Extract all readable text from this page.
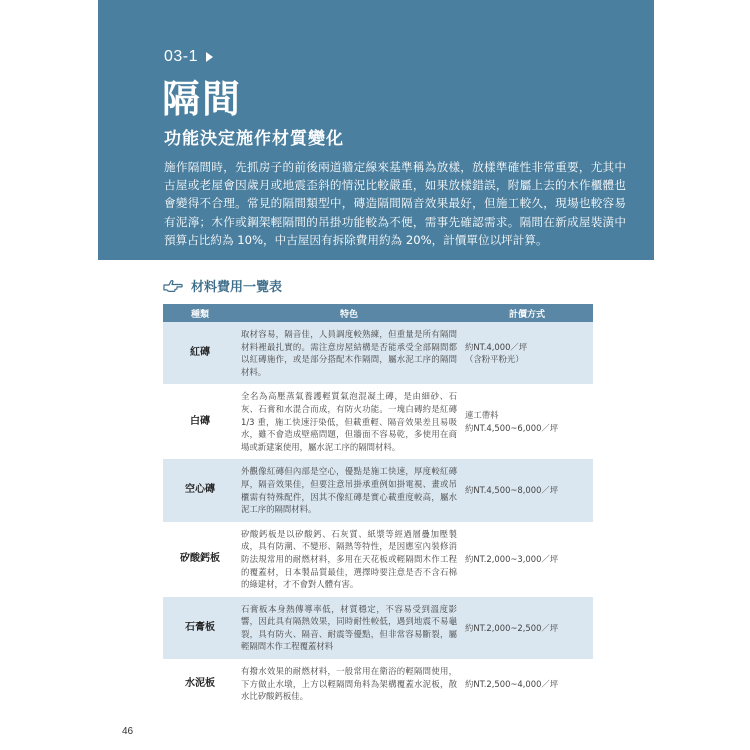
03-1
隔間
功能決定施作材質變化
施作隔間時，先抓房子的前後兩道牆定線來基準稱為放樣，放樣準確性非常重要，尤其中古屋或老屋會因歲月或地震歪斜的情況比較嚴重，如果放樣錯誤，附屬上去的木作櫃體也會變得不合理。常見的隔間類型中，磚造隔間隔音效果最好，但施工較久，現場也較容易有泥濘；木作或鋼架輕隔間的吊掛功能較為不便，需事先確認需求。隔間在新成屋裝潢中預算占比約為 10%，中古屋因有拆除費用約為 20%，計價單位以坪計算。
材料費用一覽表
種類	特色	計價方式
紅磚	取材容易，隔音佳，人員調度較熟練，但重量是所有隔間材料裡最扎實的。需注意房屋結構是否能承受全部隔間都以紅磚施作，或是部分搭配木作隔間，屬水泥工序的隔間材料。	約NT.4,000／坪
（含粉平粉光）

白磚	全名為高壓蒸氣養護輕質氣泡混凝土磚，是由細砂、石灰、石膏和水混合而成，有防火功能。一塊白磚約是紅磚1/3 重，施工快速汙染低，但載重輕、隔音效果差且易吸水，雖不會造成壁癌問題，但牆面不容易乾，多使用在商場或新建案使用，屬水泥工序的隔間材料。	連工帶料
約NT.4,500~6,000／坪

空心磚	外觀像紅磚但內部是空心，優點是施工快速，厚度較紅磚厚，隔音效果佳，但要注意吊掛承重例如掛電視、畫或吊櫃需有特殊配件，因其不像紅磚是實心載重度較高，屬水泥工序的隔間材料。	約NT.4,500~8,000／坪

矽酸鈣板	矽酸鈣板是以矽酸鈣、石灰質、紙漿等經過層疊加壓製成，具有防潮、不變形、隔熱等特性，是因應室內裝修消防法規常用的耐燃材料，多用在天花板或輕隔間木作工程的覆蓋材，日本製品質最佳，選擇時要注意是否不含石棉的綠建材，才不會對人體有害。	約NT.2,000~3,000／坪

石膏板	石膏板本身熱傳導率低，材質穩定，不容易受到溫度影響，因此具有隔熱效果，同時耐性較低，遇到地震不易龜裂，具有防火、隔音、耐震等優點，但非常容易斷裂，屬輕隔間木作工程覆蓋材料	約NT.2,000~2,500／坪

水泥板	有撥水效果的耐燃材料，一般常用在衛浴的輕隔間使用，下方做止水墩，上方以輕隔間角料為架構覆蓋水泥板，散水比矽酸鈣板佳。	約NT.2,500~4,000／坪
46
